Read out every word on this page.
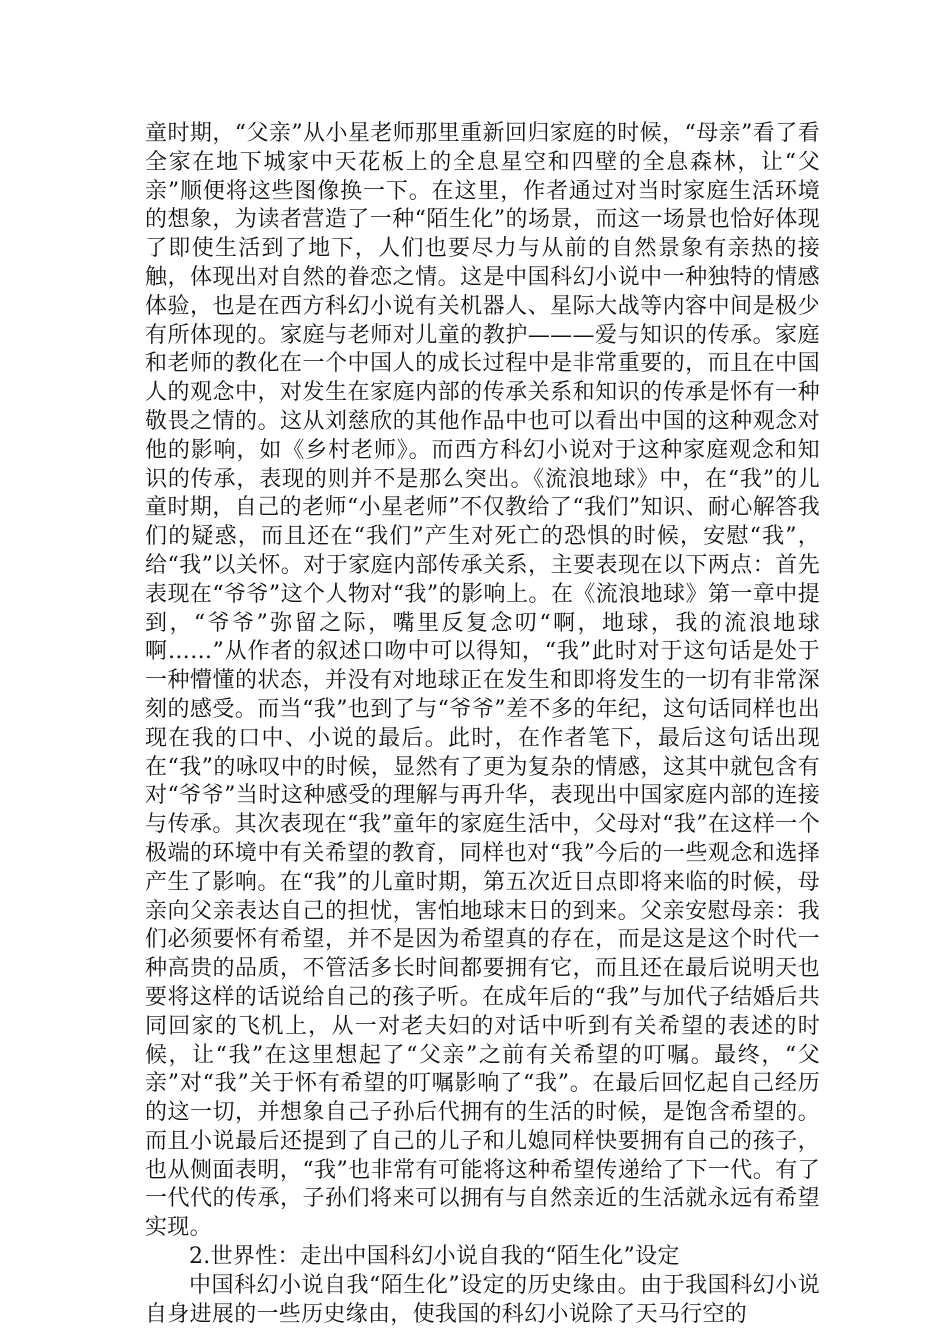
童时期，“父亲”从小星老师那里重新回归家庭的时候，“母亲”看了看全家在地下城家中天花板上的全息星空和四壁的全息森林，让“父亲”顺便将这些图像换一下。在这里，作者通过对当时家庭生活环境的想象，为读者营造了一种“陌生化”的场景，而这一场景也恰好体现了即使生活到了地下，人们也要尽力与从前的自然景象有亲热的接触，体现出对自然的眷恋之情。这是中国科幻小说中一种独特的情感体验，也是在西方科幻小说有关机器人、星际大战等内容中间是极少有所体现的。家庭与老师对儿童的教护———爱与知识的传承。家庭和老师的教化在一个中国人的成长过程中是非常重要的，而且在中国人的观念中，对发生在家庭内部的传承关系和知识的传承是怀有一种敬畏之情的。这从刘慈欣的其他作品中也可以看出中国的这种观念对他的影响，如《乡村老师》。而西方科幻小说对于这种家庭观念和知识的传承，表现的则并不是那么突出。《流浪地球》中，在“我”的儿童时期，自己的老师“小星老师”不仅教给了“我们”知识、耐心解答我们的疑惑，而且还在“我们”产生对死亡的恐惧的时候，安慰“我”，给“我”以关怀。对于家庭内部传承关系，主要表现在以下两点：首先表现在“爷爷”这个人物对“我”的影响上。在《流浪地球》第一章中提到，“爷爷”弥留之际，嘴里反复念叨“啊，地球，我的流浪地球啊……”从作者的叙述口吻中可以得知，“我”此时对于这句话是处于一种懵懂的状态，并没有对地球正在发生和即将发生的一切有非常深刻的感受。而当“我”也到了与“爷爷”差不多的年纪，这句话同样也出现在我的口中、小说的最后。此时，在作者笔下，最后这句话出现在“我”的咏叹中的时候，显然有了更为复杂的情感，这其中就包含有对“爷爷”当时这种感受的理解与再升华，表现出中国家庭内部的连接与传承。其次表现在“我”童年的家庭生活中，父母对“我”在这样一个极端的环境中有关希望的教育，同样也对“我”今后的一些观念和选择产生了影响。在“我”的儿童时期，第五次近日点即将来临的时候，母亲向父亲表达自己的担忧，害怕地球末日的到来。父亲安慰母亲：我们必须要怀有希望，并不是因为希望真的存在，而是这是这个时代一种高贵的品质，不管活多长时间都要拥有它，而且还在最后说明天也要将这样的话说给自己的孩子听。在成年后的“我”与加代子结婚后共同回家的飞机上，从一对老夫妇的对话中听到有关希望的表述的时候，让“我”在这里想起了“父亲”之前有关希望的叮嘱。最终，“父亲”对“我”关于怀有希望的叮嘱影响了“我”。在最后回忆起自己经历的这一切，并想象自己子孙后代拥有的生活的时候，是饱含希望的。而且小说最后还提到了自己的儿子和儿媳同样快要拥有自己的孩子，也从侧面表明，“我”也非常有可能将这种希望传递给了下一代。有了一代代的传承，子孙们将来可以拥有与自然亲近的生活就永远有希望实现。

2.世界性：走出中国科幻小说自我的“陌生化”设定

中国科幻小说自我“陌生化”设定的历史缘由。由于我国科幻小说自身进展的一些历史缘由，使我国的科幻小说除了天马行空的
